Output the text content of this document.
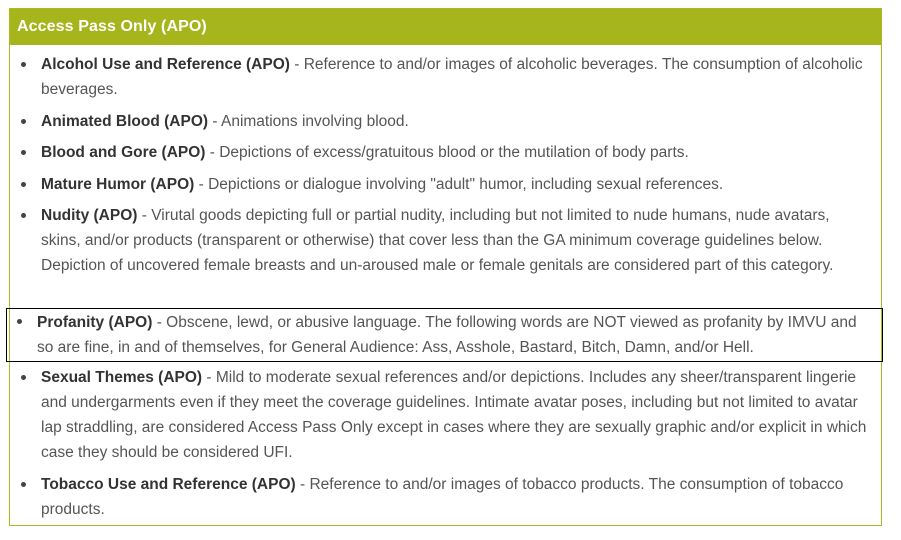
Access Pass Only (APO)
Alcohol Use and Reference (APO) - Reference to and/or images of alcoholic beverages. The consumption of alcoholic beverages.
Animated Blood (APO) - Animations involving blood.
Blood and Gore (APO) - Depictions of excess/gratuitous blood or the mutilation of body parts.
Mature Humor (APO) - Depictions or dialogue involving "adult" humor, including sexual references.
Nudity (APO) - Virutal goods depicting full or partial nudity, including but not limited to nude humans, nude avatars, skins, and/or products (transparent or otherwise) that cover less than the GA minimum coverage guidelines below. Depiction of uncovered female breasts and un-aroused male or female genitals are considered part of this category.
Profanity (APO) - Obscene, lewd, or abusive language. The following words are NOT viewed as profanity by IMVU and so are fine, in and of themselves, for General Audience: Ass, Asshole, Bastard, Bitch, Damn, and/or Hell.
Sexual Themes (APO) - Mild to moderate sexual references and/or depictions. Includes any sheer/transparent lingerie and undergarments even if they meet the coverage guidelines. Intimate avatar poses, including but not limited to avatar lap straddling, are considered Access Pass Only except in cases where they are sexually graphic and/or explicit in which case they should be considered UFI.
Tobacco Use and Reference (APO) - Reference to and/or images of tobacco products. The consumption of tobacco products.
